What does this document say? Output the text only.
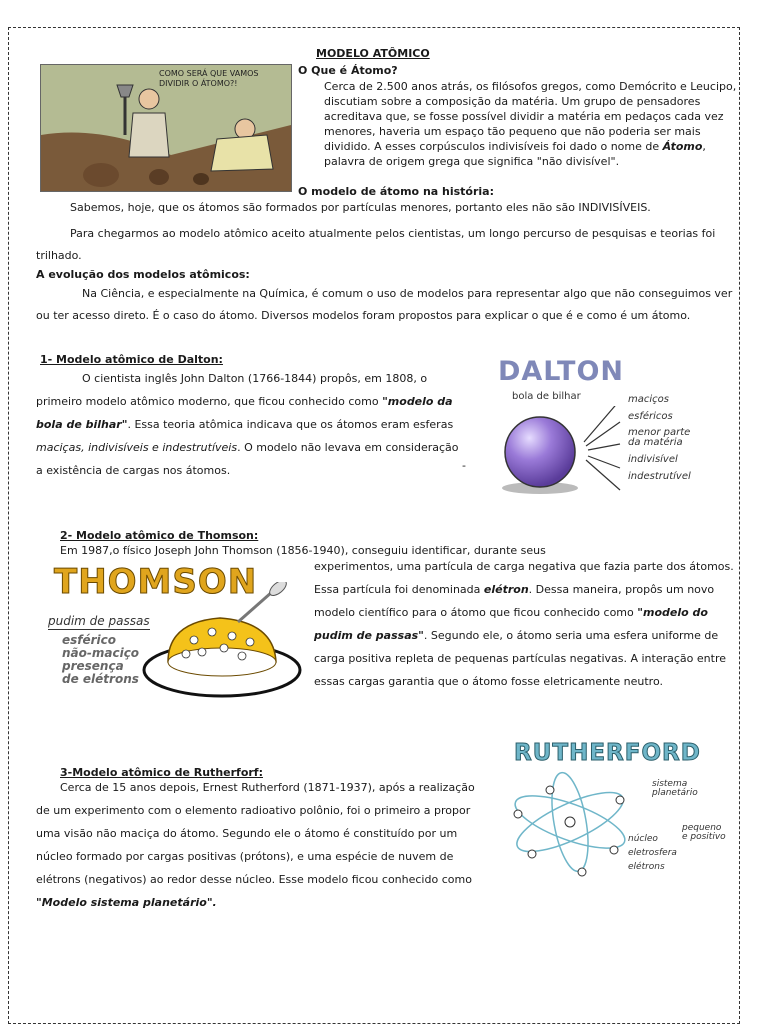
MODELO ATÔMICO
COMO SERÁ QUE VAMOS DIVIDIR O ÁTOMO?!
O Que é Átomo?
Cerca de 2.500 anos atrás, os filósofos gregos, como Demócrito e Leucipo, discutiam sobre a composição da matéria. Um grupo de pensadores acreditava que, se fosse possível dividir a matéria em pedaços cada vez menores, haveria um espaço tão pequeno que não poderia ser mais dividido. A esses corpúsculos indivisíveis foi dado o nome de Átomo, palavra de origem grega que significa "não divisível".
O modelo de átomo na história:
Sabemos, hoje, que os átomos são formados por partículas menores, portanto eles não são INDIVISÍVEIS.
Para chegarmos ao modelo atômico aceito atualmente pelos cientistas, um longo percurso de pesquisas e teorias foi trilhado.
A evolução dos modelos atômicos:
Na Ciência, e especialmente na Química, é comum o uso de modelos para representar algo que não conseguimos ver ou ter acesso direto. É o caso do átomo. Diversos modelos foram propostos para explicar o que é e como é um átomo.
1- Modelo atômico de Dalton:
O cientista inglês John Dalton (1766-1844) propôs, em 1808, o primeiro modelo atômico moderno, que ficou conhecido como "modelo da bola de bilhar". Essa teoria atômica indicava que os átomos eram esferas maciças, indivisíveis e indestrutíveis. O modelo não levava em consideração a existência de cargas nos átomos.	-
DALTON
bola de bilhar	maciços
esféricos
menor parte da matéria
indivisível
indestrutível
2- Modelo atômico de Thomson:
Em 1987,o físico Joseph John Thomson (1856-1940), conseguiu identificar, durante seus
experimentos, uma partícula de carga negativa que fazia parte dos átomos. Essa partícula foi denominada elétron. Dessa maneira, propôs um novo modelo científico para o átomo que ficou conhecido como "modelo do pudim de passas". Segundo ele, o átomo seria uma esfera uniforme de carga positiva repleta de pequenas partículas negativas. A interação entre essas cargas garantia que o átomo fosse eletricamente neutro.
THOMSON
pudim de passas
esférico
não-maciço
presença
de elétrons
3-Modelo atômico de Rutherforf:
Cerca de 15 anos depois, Ernest Rutherford (1871-1937), após a realização de um experimento com o elemento radioativo polônio, foi o primeiro a propor uma visão não maciça do átomo. Segundo ele o átomo é constituído por um núcleo formado por cargas positivas (prótons), e uma espécie de nuvem de elétrons (negativos) ao redor desse núcleo. Esse modelo ficou conhecido como "Modelo sistema planetário".
RUTHERFORD
sistema
planetário
núcleo
eletrosfera
elétrons
pequeno
e positivo
